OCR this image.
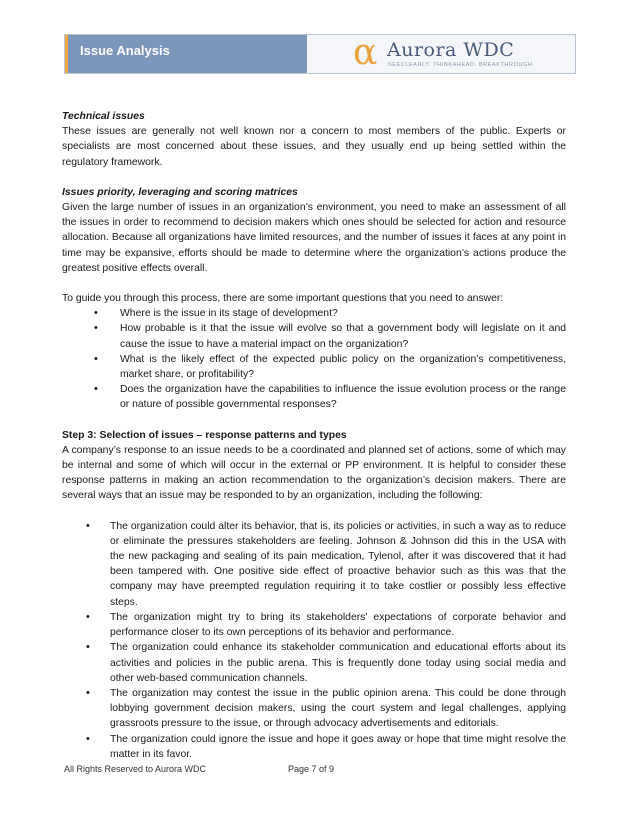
Issue Analysis	α Aurora WDC
SEECLEARLY. THINKAHEAD. BREAKTHROUGH

Technical issues

These issues are generally not well known nor a concern to most members of the public. Experts or specialists are most concerned about these issues, and they usually end up being settled within the regulatory framework.

Issues priority, leveraging and scoring matrices

Given the large number of issues in an organization’s environment, you need to make an assessment of all the issues in order to recommend to decision makers which ones should be selected for action and resource allocation. Because all organizations have limited resources, and the number of issues it faces at any point in time may be expansive, efforts should be made to determine where the organization’s actions produce the greatest positive effects overall.

To guide you through this process, there are some important questions that you need to answer:

• Where is the issue in its stage of development?
• How probable is it that the issue will evolve so that a government body will legislate on it and cause the issue to have a material impact on the organization?
• What is the likely effect of the expected public policy on the organization’s competitiveness, market share, or profitability?
• Does the organization have the capabilities to influence the issue evolution process or the range or nature of possible governmental responses?

Step 3: Selection of issues – response patterns and types

A company’s response to an issue needs to be a coordinated and planned set of actions, some of which may be internal and some of which will occur in the external or PP environment. It is helpful to consider these response patterns in making an action recommendation to the organization’s decision makers. There are several ways that an issue may be responded to by an organization, including the following:

• The organization could alter its behavior, that is, its policies or activities, in such a way as to reduce or eliminate the pressures stakeholders are feeling. Johnson & Johnson did this in the USA with the new packaging and sealing of its pain medication, Tylenol, after it was discovered that it had been tampered with. One positive side effect of proactive behavior such as this was that the company may have preempted regulation requiring it to take costlier or possibly less effective steps.
• The organization might try to bring its stakeholders’ expectations of corporate behavior and performance closer to its own perceptions of its behavior and performance.
• The organization could enhance its stakeholder communication and educational efforts about its activities and policies in the public arena. This is frequently done today using social media and other web-based communication channels.
• The organization may contest the issue in the public opinion arena. This could be done through lobbying government decision makers, using the court system and legal challenges, applying grassroots pressure to the issue, or through advocacy advertisements and editorials.
• The organization could ignore the issue and hope it goes away or hope that time might resolve the matter in its favor.
All Rights Reserved to Aurora WDC	Page 7 of 9
